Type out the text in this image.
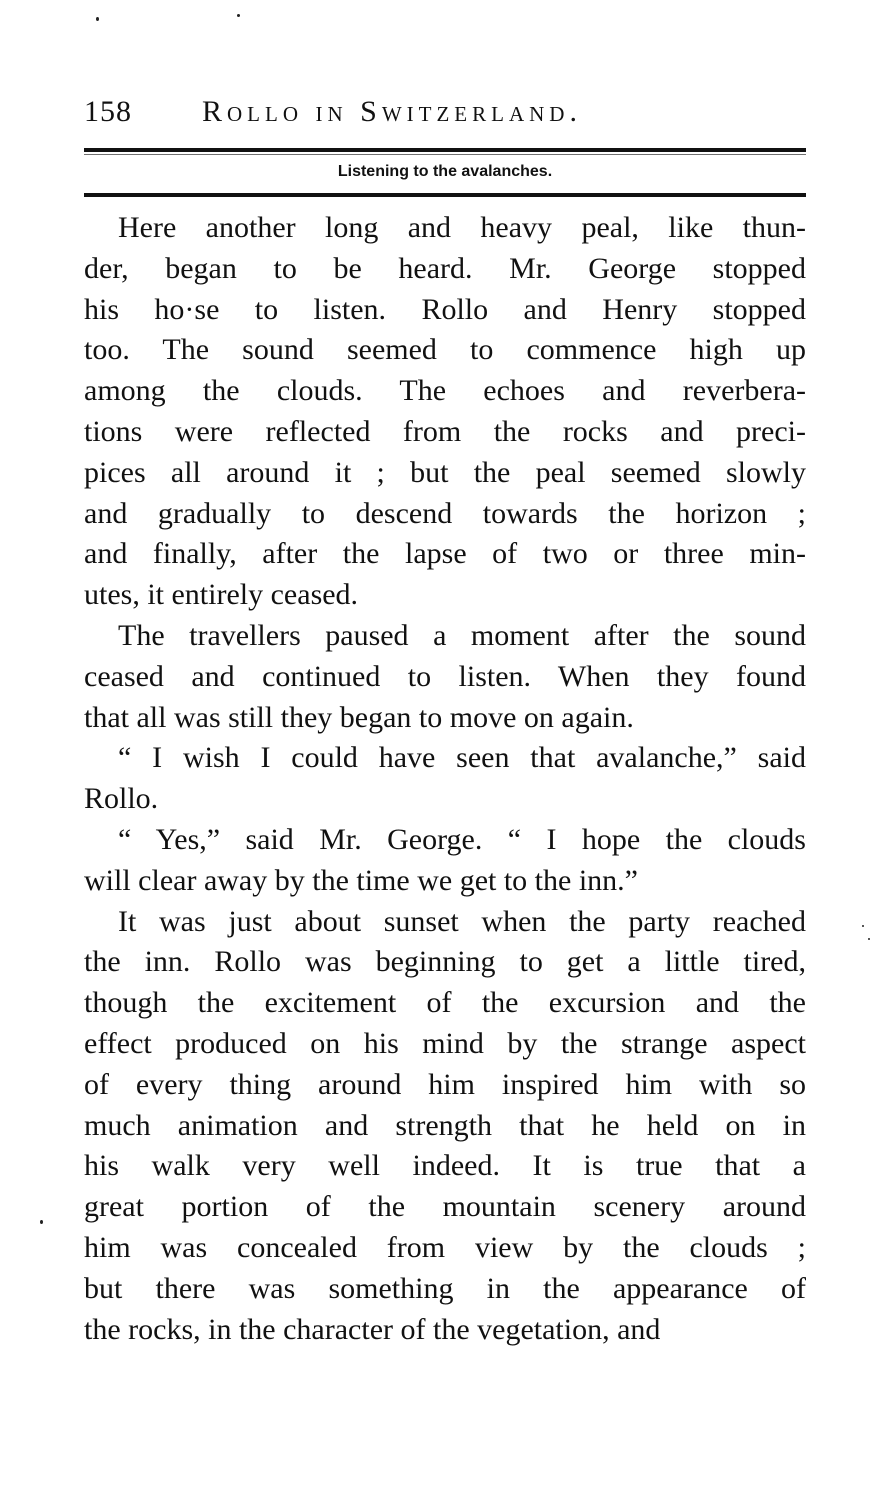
158 Rollo in Switzerland.
Listening to the avalanches.
Here another long and heavy peal, like thun-
der, began to be heard. Mr. George stopped
his ho·se to listen. Rollo and Henry stopped
too. The sound seemed to commence high up
among the clouds. The echoes and reverbera-
tions were reflected from the rocks and preci-
pices all around it ; but the peal seemed slowly
and gradually to descend towards the horizon ;
and finally, after the lapse of two or three min-
utes, it entirely ceased.
The travellers paused a moment after the sound
ceased and continued to listen. When they found
that all was still they began to move on again.
“ I wish I could have seen that avalanche,” said
Rollo.
“ Yes,” said Mr. George. “ I hope the clouds
will clear away by the time we get to the inn.”
It was just about sunset when the party reached
the inn. Rollo was beginning to get a little tired,
though the excitement of the excursion and the
effect produced on his mind by the strange aspect
of every thing around him inspired him with so
much animation and strength that he held on in
his walk very well indeed. It is true that a
great portion of the mountain scenery around
him was concealed from view by the clouds ;
but there was something in the appearance of
the rocks, in the character of the vegetation, and
